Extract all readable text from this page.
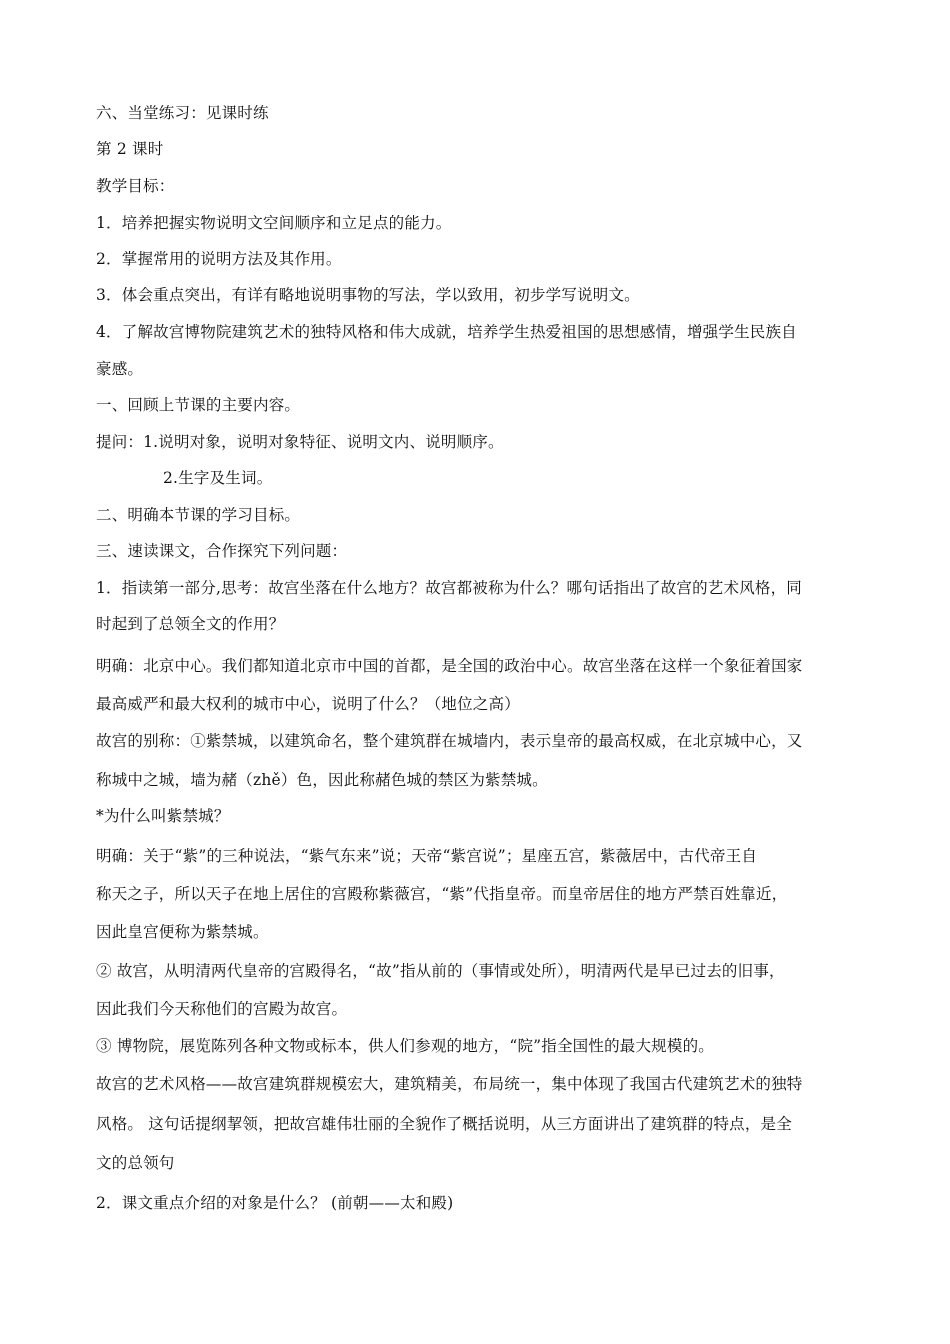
六、当堂练习：见课时练

第 2 课时

教学目标：

1．培养把握实物说明文空间顺序和立足点的能力。

2．掌握常用的说明方法及其作用。

3．体会重点突出，有详有略地说明事物的写法，学以致用，初步学写说明文。

4．了解故宫博物院建筑艺术的独特风格和伟大成就，培养学生热爱祖国的思想感情，增强学生民族自

豪感。

一、回顾上节课的主要内容。

提问：1.说明对象，说明对象特征、说明文内、说明顺序。

2.生字及生词。

二、明确本节课的学习目标。

三、速读课文，合作探究下列问题：

1．指读第一部分,思考：故宫坐落在什么地方？故宫都被称为什么？哪句话指出了故宫的艺术风格，同

时起到了总领全文的作用？

明确：北京中心。我们都知道北京市中国的首都，是全国的政治中心。故宫坐落在这样一个象征着国家

最高威严和最大权利的城市中心，说明了什么？（地位之高）

故宫的别称：①紫禁城，以建筑命名，整个建筑群在城墙内，表示皇帝的最高权威，在北京城中心，又

称城中之城，墙为赭（zhě）色，因此称赭色城的禁区为紫禁城。

*为什么叫紫禁城？

明确：关于“紫”的三种说法，“紫气东来”说；天帝“紫宫说”；星座五宫，紫薇居中，古代帝王自

称天之子，所以天子在地上居住的宫殿称紫薇宫，“紫”代指皇帝。而皇帝居住的地方严禁百姓靠近，

因此皇宫便称为紫禁城。

② 故宫，从明清两代皇帝的宫殿得名，“故”指从前的（事情或处所），明清两代是早已过去的旧事，

因此我们今天称他们的宫殿为故宫。

③ 博物院，展览陈列各种文物或标本，供人们参观的地方，“院”指全国性的最大规模的。

故宫的艺术风格——故宫建筑群规模宏大，建筑精美，布局统一，集中体现了我国古代建筑艺术的独特

风格。 这句话提纲挈领，把故宫雄伟壮丽的全貌作了概括说明，从三方面讲出了建筑群的特点，是全

文的总领句

2．课文重点介绍的对象是什么？ (前朝——太和殿)
